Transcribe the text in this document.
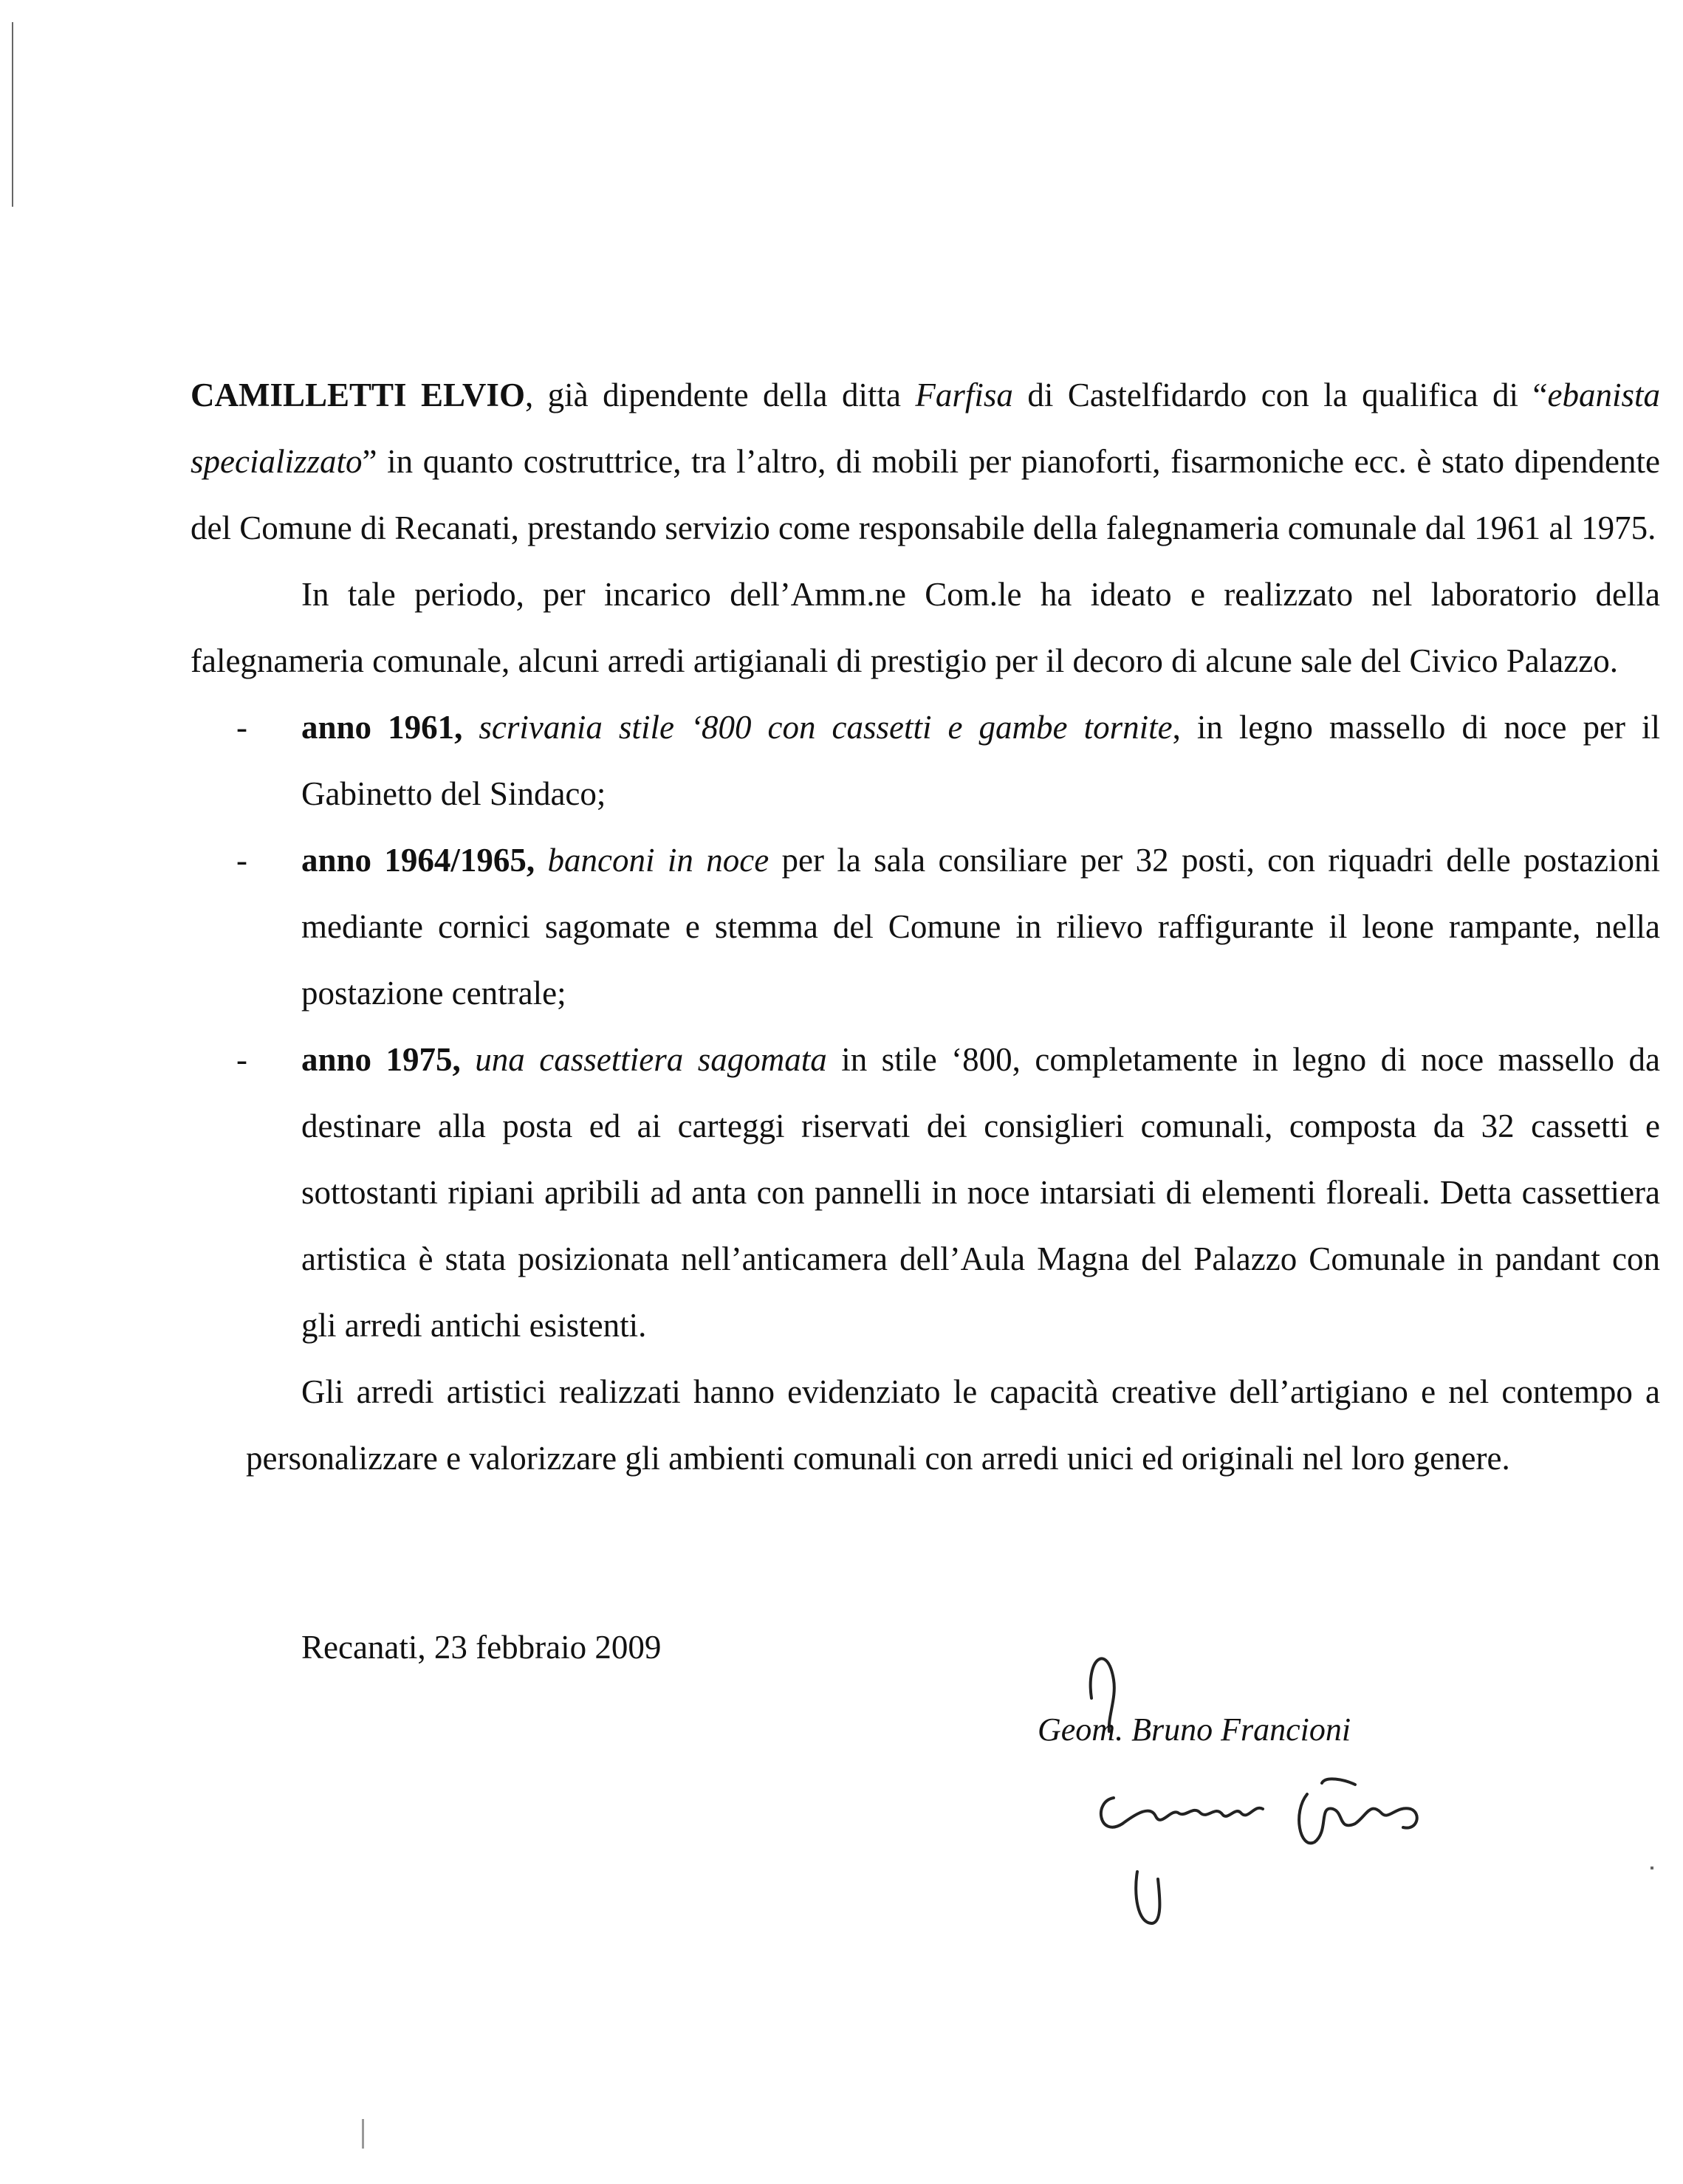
CAMILLETTI ELVIO, già dipendente della ditta Farfisa di Castelfidardo con la qualifica di “ebanista specializzato” in quanto costruttrice, tra l’altro, di mobili per pianoforti, fisarmoniche ecc. è stato dipendente del Comune di Recanati, prestando servizio come responsabile della falegnameria comunale dal 1961 al 1975.

In tale periodo, per incarico dell’Amm.ne Com.le ha ideato e realizzato nel laboratorio della falegnameria comunale, alcuni arredi artigianali di prestigio per il decoro di alcune sale del Civico Palazzo.

- anno 1961, scrivania stile ‘800 con cassetti e gambe tornite, in legno massello di noce per il Gabinetto del Sindaco;
- anno 1964/1965, banconi in noce per la sala consiliare per 32 posti, con riquadri delle postazioni mediante cornici sagomate e stemma del Comune in rilievo raffigurante il leone rampante, nella postazione centrale;
- anno 1975, una cassettiera sagomata in stile ‘800, completamente in legno di noce massello da destinare alla posta ed ai carteggi riservati dei consiglieri comunali, composta da 32 cassetti e sottostanti ripiani apribili ad anta con pannelli in noce intarsiati di elementi floreali. Detta cassettiera artistica è stata posizionata nell’anticamera dell’Aula Magna del Palazzo Comunale in pandant con gli arredi antichi esistenti.

Gli arredi artistici realizzati hanno evidenziato le capacità creative dell’artigiano e nel contempo a personalizzare e valorizzare gli ambienti comunali con arredi unici ed originali nel loro genere.

Recanati, 23 febbraio 2009
Geom. Bruno Francioni
